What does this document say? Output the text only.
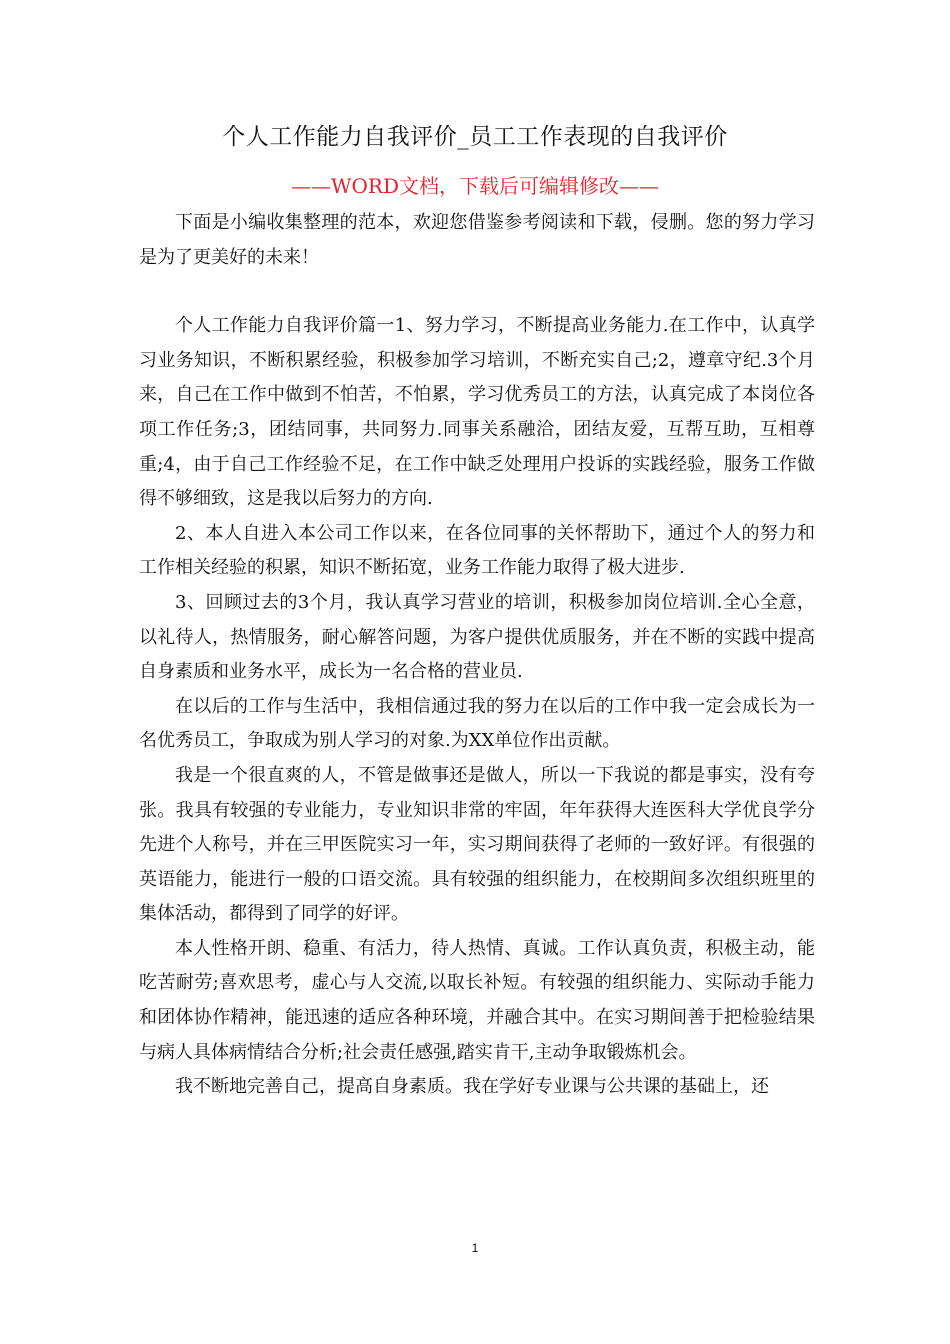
个人工作能力自我评价_员工工作表现的自我评价
——WORD文档，下载后可编辑修改——

下面是小编收集整理的范本，欢迎您借鉴参考阅读和下载，侵删。您的努力学习是为了更美好的未来！

个人工作能力自我评价篇一1、努力学习，不断提高业务能力.在工作中，认真学习业务知识，不断积累经验，积极参加学习培训，不断充实自己;2，遵章守纪.3个月来，自己在工作中做到不怕苦，不怕累，学习优秀员工的方法，认真完成了本岗位各项工作任务;3，团结同事，共同努力.同事关系融洽，团结友爱，互帮互助，互相尊重;4，由于自己工作经验不足，在工作中缺乏处理用户投诉的实践经验，服务工作做得不够细致，这是我以后努力的方向.

2、本人自进入本公司工作以来，在各位同事的关怀帮助下，通过个人的努力和工作相关经验的积累，知识不断拓宽，业务工作能力取得了极大进步.

3、回顾过去的3个月，我认真学习营业的培训，积极参加岗位培训.全心全意，以礼待人，热情服务，耐心解答问题，为客户提供优质服务，并在不断的实践中提高自身素质和业务水平，成长为一名合格的营业员.

在以后的工作与生活中，我相信通过我的努力在以后的工作中我一定会成长为一名优秀员工，争取成为别人学习的对象.为XX单位作出贡献。

我是一个很直爽的人，不管是做事还是做人，所以一下我说的都是事实，没有夸张。我具有较强的专业能力，专业知识非常的牢固，年年获得大连医科大学优良学分先进个人称号，并在三甲医院实习一年，实习期间获得了老师的一致好评。有很强的英语能力，能进行一般的口语交流。具有较强的组织能力，在校期间多次组织班里的集体活动，都得到了同学的好评。

本人性格开朗、稳重、有活力，待人热情、真诚。工作认真负责，积极主动，能吃苦耐劳;喜欢思考，虚心与人交流,以取长补短。有较强的组织能力、实际动手能力和团体协作精神，能迅速的适应各种环境，并融合其中。在实习期间善于把检验结果与病人具体病情结合分析;社会责任感强,踏实肯干,主动争取锻炼机会。

我不断地完善自己，提高自身素质。我在学好专业课与公共课的基础上，还

1
